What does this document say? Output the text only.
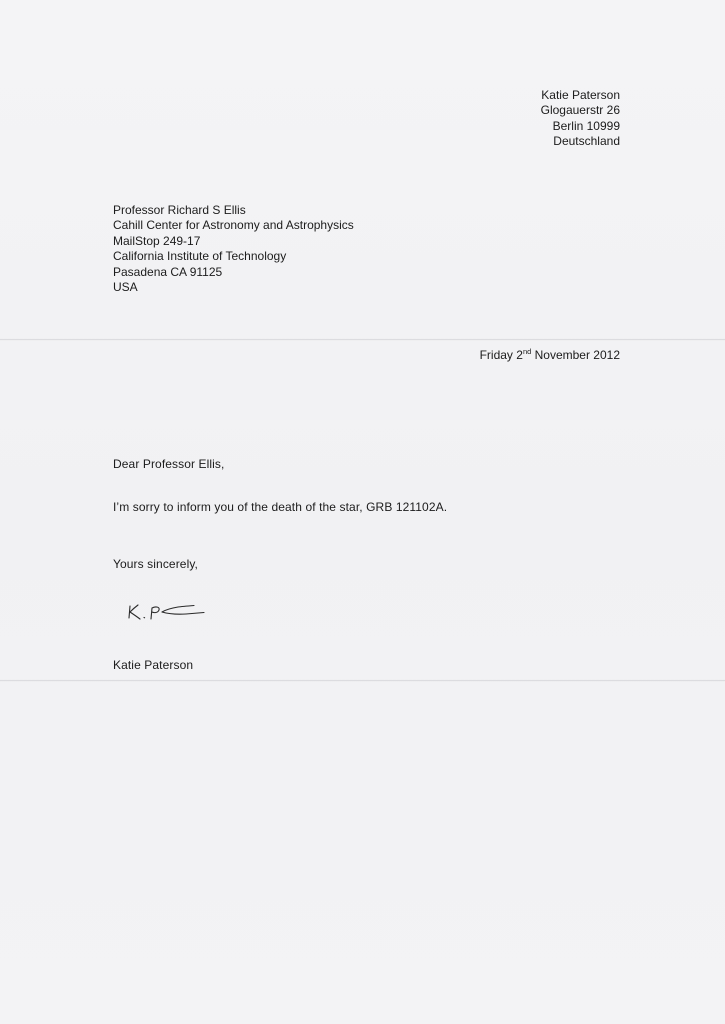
Katie Paterson
Glogauerstr 26
Berlin 10999
Deutschland
Professor Richard S Ellis
Cahill Center for Astronomy and Astrophysics
MailStop 249-17
California Institute of Technology
Pasadena CA 91125
USA
Friday 2nd November 2012
Dear Professor Ellis,
I’m sorry to inform you of the death of the star, GRB 121102A.
Yours sincerely,
Katie Paterson
